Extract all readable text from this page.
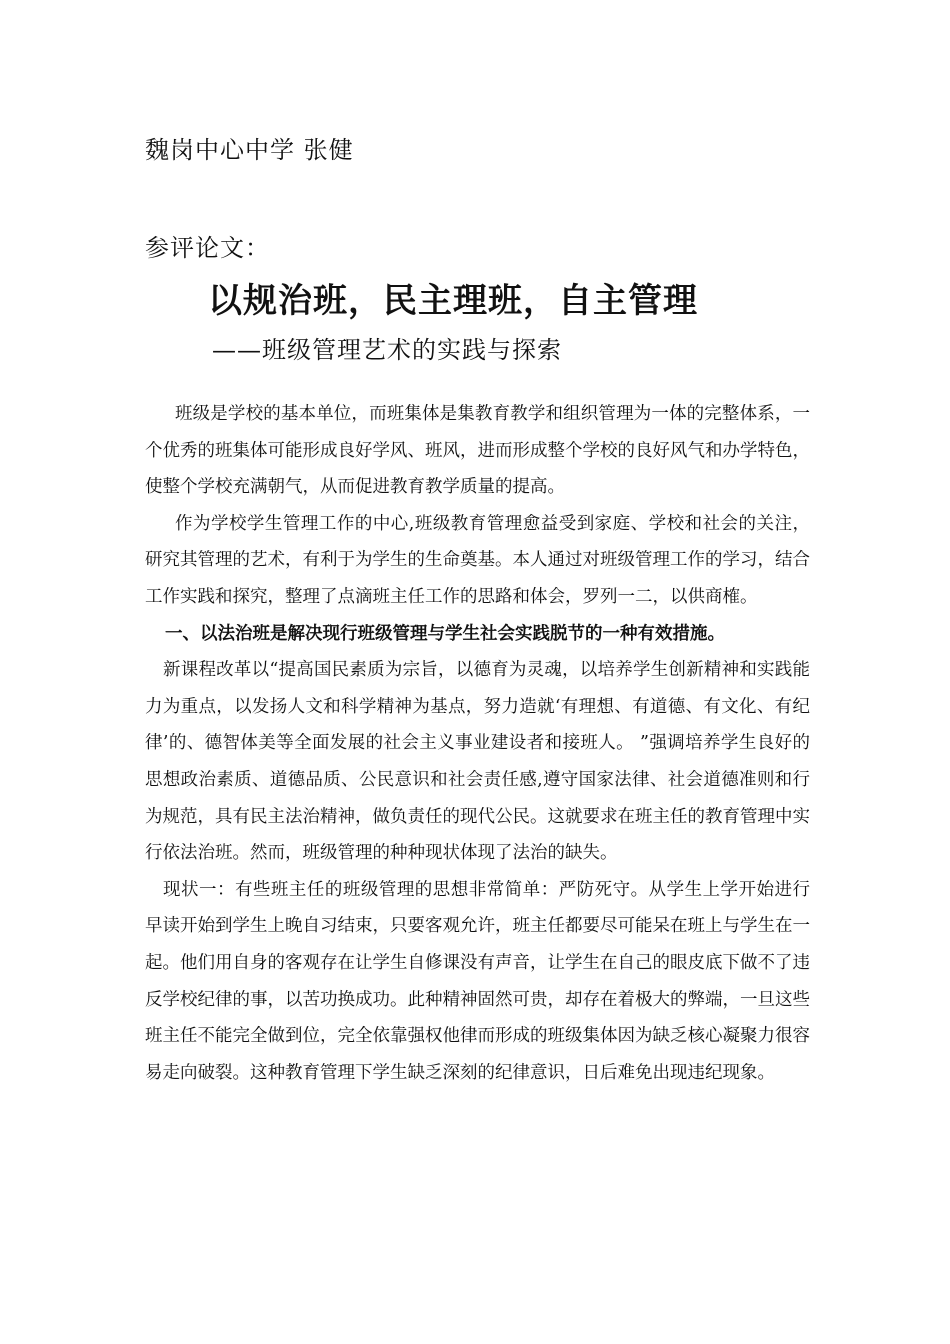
魏岗中心中学 张健
参评论文：
以规治班，民主理班，自主管理
——班级管理艺术的实践与探索

班级是学校的基本单位，而班集体是集教育教学和组织管理为一体的完整体系，一个优秀的班集体可能形成良好学风、班风，进而形成整个学校的良好风气和办学特色，使整个学校充满朝气，从而促进教育教学质量的提高。

作为学校学生管理工作的中心,班级教育管理愈益受到家庭、学校和社会的关注，研究其管理的艺术，有利于为学生的生命奠基。本人通过对班级管理工作的学习，结合工作实践和探究，整理了点滴班主任工作的思路和体会，罗列一二，以供商榷。

一、以法治班是解决现行班级管理与学生社会实践脱节的一种有效措施。

新课程改革以“提高国民素质为宗旨，以德育为灵魂，以培养学生创新精神和实践能力为重点，以发扬人文和科学精神为基点，努力造就‘有理想、有道德、有文化、有纪律’的、德智体美等全面发展的社会主义事业建设者和接班人。 ”强调培养学生良好的思想政治素质、道德品质、公民意识和社会责任感,遵守国家法律、社会道德准则和行为规范，具有民主法治精神，做负责任的现代公民。这就要求在班主任的教育管理中实行依法治班。然而，班级管理的种种现状体现了法治的缺失。

现状一：有些班主任的班级管理的思想非常简单：严防死守。从学生上学开始进行早读开始到学生上晚自习结束，只要客观允许，班主任都要尽可能呆在班上与学生在一起。他们用自身的客观存在让学生自修课没有声音，让学生在自己的眼皮底下做不了违反学校纪律的事，以苦功换成功。此种精神固然可贵，却存在着极大的弊端，一旦这些班主任不能完全做到位，完全依靠强权他律而形成的班级集体因为缺乏核心凝聚力很容易走向破裂。这种教育管理下学生缺乏深刻的纪律意识，日后难免出现违纪现象。
